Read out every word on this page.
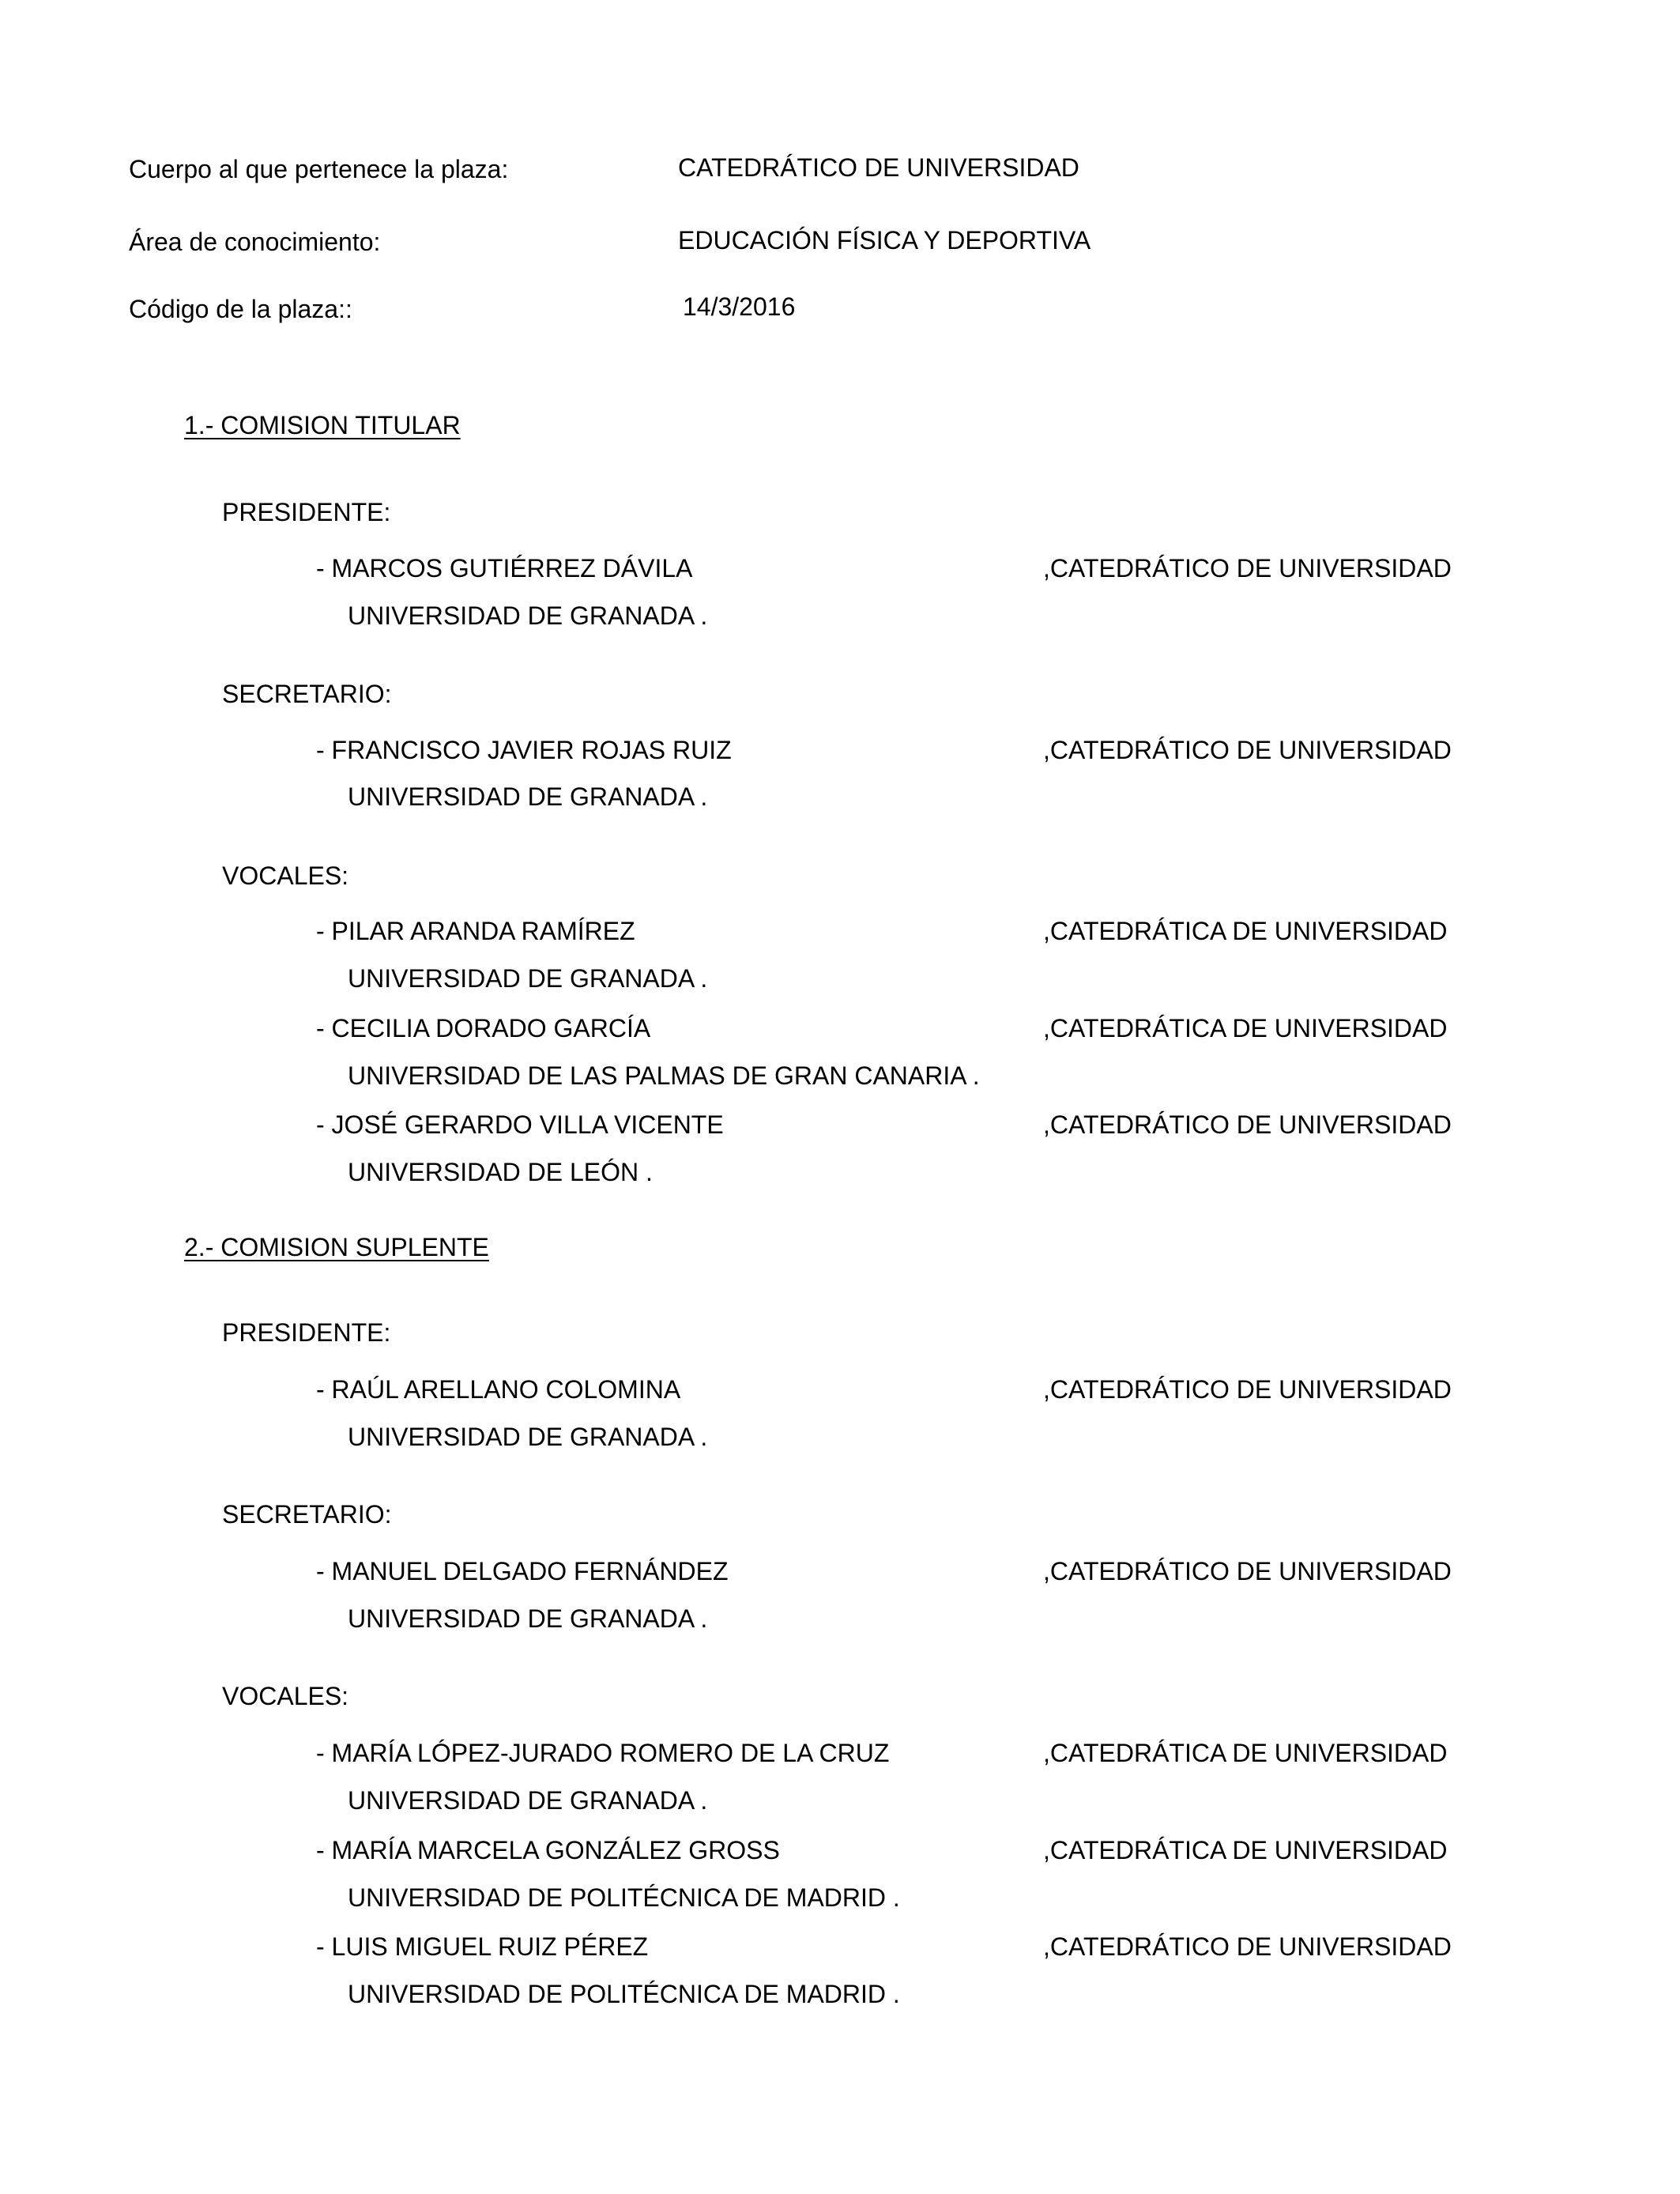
Cuerpo al que pertenece la plaza:	CATEDRÁTICO DE UNIVERSIDAD
Área de conocimiento:	EDUCACIÓN FÍSICA Y DEPORTIVA
Código de la plaza::	14/3/2016
1.- COMISION TITULAR
PRESIDENTE:
- MARCOS GUTIÉRREZ DÁVILA	,CATEDRÁTICO DE UNIVERSIDAD
UNIVERSIDAD DE GRANADA .
SECRETARIO:
- FRANCISCO JAVIER ROJAS RUIZ	,CATEDRÁTICO DE UNIVERSIDAD
UNIVERSIDAD DE GRANADA .
VOCALES:
- PILAR ARANDA RAMÍREZ	,CATEDRÁTICA DE UNIVERSIDAD
UNIVERSIDAD DE GRANADA .
- CECILIA DORADO GARCÍA	,CATEDRÁTICA DE UNIVERSIDAD
UNIVERSIDAD DE LAS PALMAS DE GRAN CANARIA .
- JOSÉ GERARDO VILLA VICENTE	,CATEDRÁTICO DE UNIVERSIDAD
UNIVERSIDAD DE LEÓN .
2.- COMISION SUPLENTE
PRESIDENTE:
- RAÚL ARELLANO COLOMINA	,CATEDRÁTICO DE UNIVERSIDAD
UNIVERSIDAD DE GRANADA .
SECRETARIO:
- MANUEL DELGADO FERNÁNDEZ	,CATEDRÁTICO DE UNIVERSIDAD
UNIVERSIDAD DE GRANADA .
VOCALES:
- MARÍA LÓPEZ-JURADO ROMERO DE LA CRUZ	,CATEDRÁTICA DE UNIVERSIDAD
UNIVERSIDAD DE GRANADA .
- MARÍA MARCELA GONZÁLEZ GROSS	,CATEDRÁTICA DE UNIVERSIDAD
UNIVERSIDAD DE POLITÉCNICA DE MADRID .
- LUIS MIGUEL RUIZ PÉREZ	,CATEDRÁTICO DE UNIVERSIDAD
UNIVERSIDAD DE POLITÉCNICA DE MADRID .
